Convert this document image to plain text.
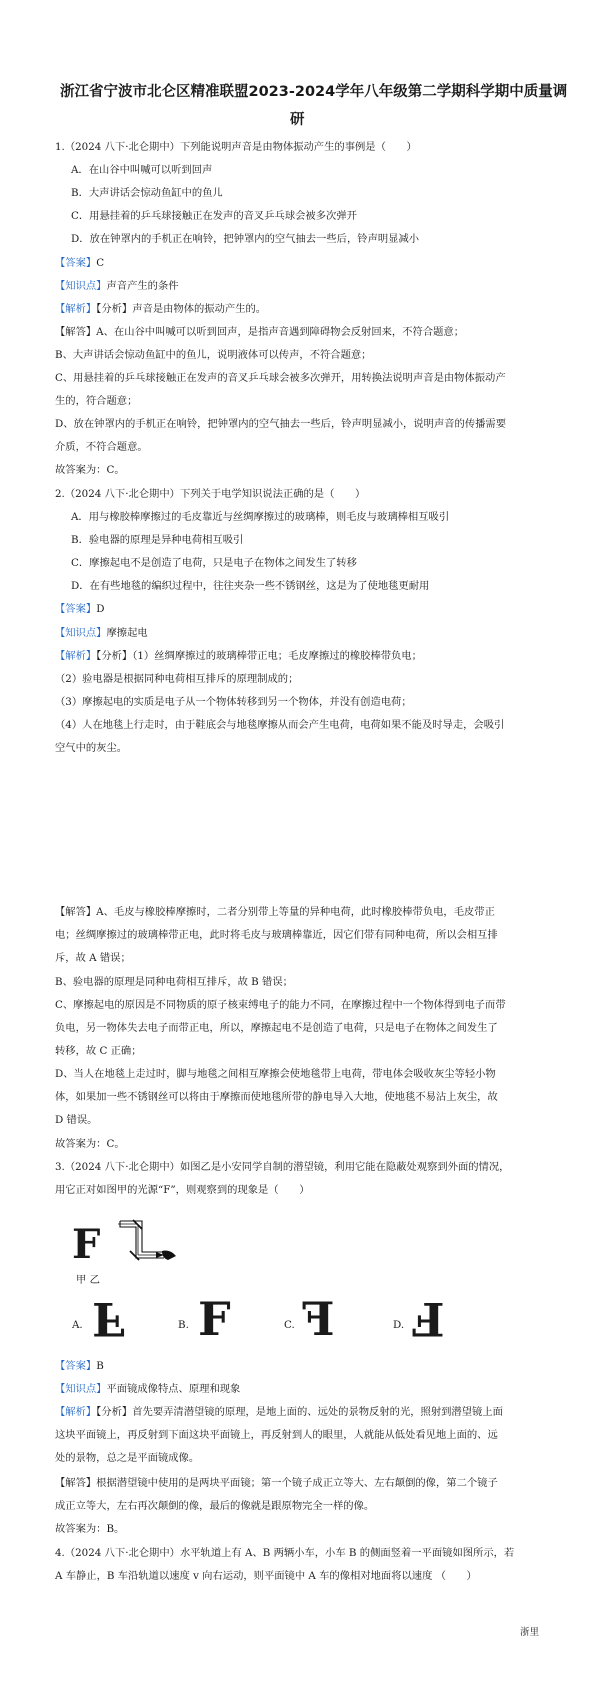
浙江省宁波市北仑区精准联盟2023-2024学年八年级第二学期科学期中质量调
研
1.（2024 八下·北仑期中）下列能说明声音是由物体振动产生的事例是（　　）
A．在山谷中叫喊可以听到回声
B．大声讲话会惊动鱼缸中的鱼儿
C．用悬挂着的乒乓球接触正在发声的音叉乒乓球会被多次弹开
D．放在钟罩内的手机正在响铃，把钟罩内的空气抽去一些后，铃声明显减小
【答案】C
【知识点】声音产生的条件
【解析】【分析】声音是由物体的振动产生的。
【解答】A、在山谷中叫喊可以听到回声，是指声音遇到障碍物会反射回来，不符合题意；
B、大声讲话会惊动鱼缸中的鱼儿，说明液体可以传声，不符合题意；
C、用悬挂着的乒乓球接触正在发声的音叉乒乓球会被多次弹开，用转换法说明声音是由物体振动产
生的，符合题意；
D、放在钟罩内的手机正在响铃，把钟罩内的空气抽去一些后，铃声明显减小，说明声音的传播需要
介质，不符合题意。
故答案为：C。
2.（2024 八下·北仑期中）下列关于电学知识说法正确的是（　　）
A．用与橡胶棒摩擦过的毛皮靠近与丝绸摩擦过的玻璃棒，则毛皮与玻璃棒相互吸引
B．验电器的原理是异种电荷相互吸引
C．摩擦起电不是创造了电荷，只是电子在物体之间发生了转移
D．在有些地毯的编织过程中，往往夹杂一些不锈钢丝，这是为了使地毯更耐用
【答案】D
【知识点】摩擦起电
【解析】【分析】（1）丝绸摩擦过的玻璃棒带正电；毛皮摩擦过的橡胶棒带负电；
（2）验电器是根据同种电荷相互排斥的原理制成的；
（3）摩擦起电的实质是电子从一个物体转移到另一个物体，并没有创造电荷；
（4）人在地毯上行走时，由于鞋底会与地毯摩擦从而会产生电荷，电荷如果不能及时导走，会吸引
空气中的灰尘。
【解答】A、毛皮与橡胶棒摩擦时，二者分别带上等量的异种电荷，此时橡胶棒带负电，毛皮带正
电；丝绸摩擦过的玻璃棒带正电，此时将毛皮与玻璃棒靠近，因它们带有同种电荷，所以会相互排
斥，故 A 错误；
B、验电器的原理是同种电荷相互排斥，故 B 错误；
C、摩擦起电的原因是不同物质的原子核束缚电子的能力不同，在摩擦过程中一个物体得到电子而带
负电，另一物体失去电子而带正电，所以，摩擦起电不是创造了电荷，只是电子在物体之间发生了
转移，故 C 正确；
D、当人在地毯上走过时，脚与地毯之间相互摩擦会使地毯带上电荷，带电体会吸收灰尘等轻小物
体，如果加一些不锈钢丝可以将由于摩擦而使地毯所带的静电导入大地，使地毯不易沾上灰尘，故
D 错误。
故答案为：C。
3.（2024 八下·北仑期中）如图乙是小安同学自制的潜望镜，利用它能在隐蔽处观察到外面的情况，
用它正对如图甲的光源“F”，则观察到的现象是（　　）
F
甲 乙
A. F	B. F	C. F	D. F
【答案】B
【知识点】平面镜成像特点、原理和现象
【解析】【分析】首先要弄清潜望镜的原理，是地上面的、远处的景物反射的光，照射到潜望镜上面
这块平面镜上，再反射到下面这块平面镜上，再反射到人的眼里，人就能从低处看见地上面的、远
处的景物，总之是平面镜成像。
【解答】根据潜望镜中使用的是两块平面镜；第一个镜子成正立等大、左右颠倒的像，第二个镜子
成正立等大，左右再次颠倒的像，最后的像就是跟原物完全一样的像。
故答案为：B。
4.（2024 八下·北仑期中）水平轨道上有 A、B 两辆小车，小车 B 的侧面竖着一平面镜如图所示，若
A 车静止，B 车沿轨道以速度 v 向右运动，则平面镜中 A 车的像相对地面将以速度 （　　）
浙里
